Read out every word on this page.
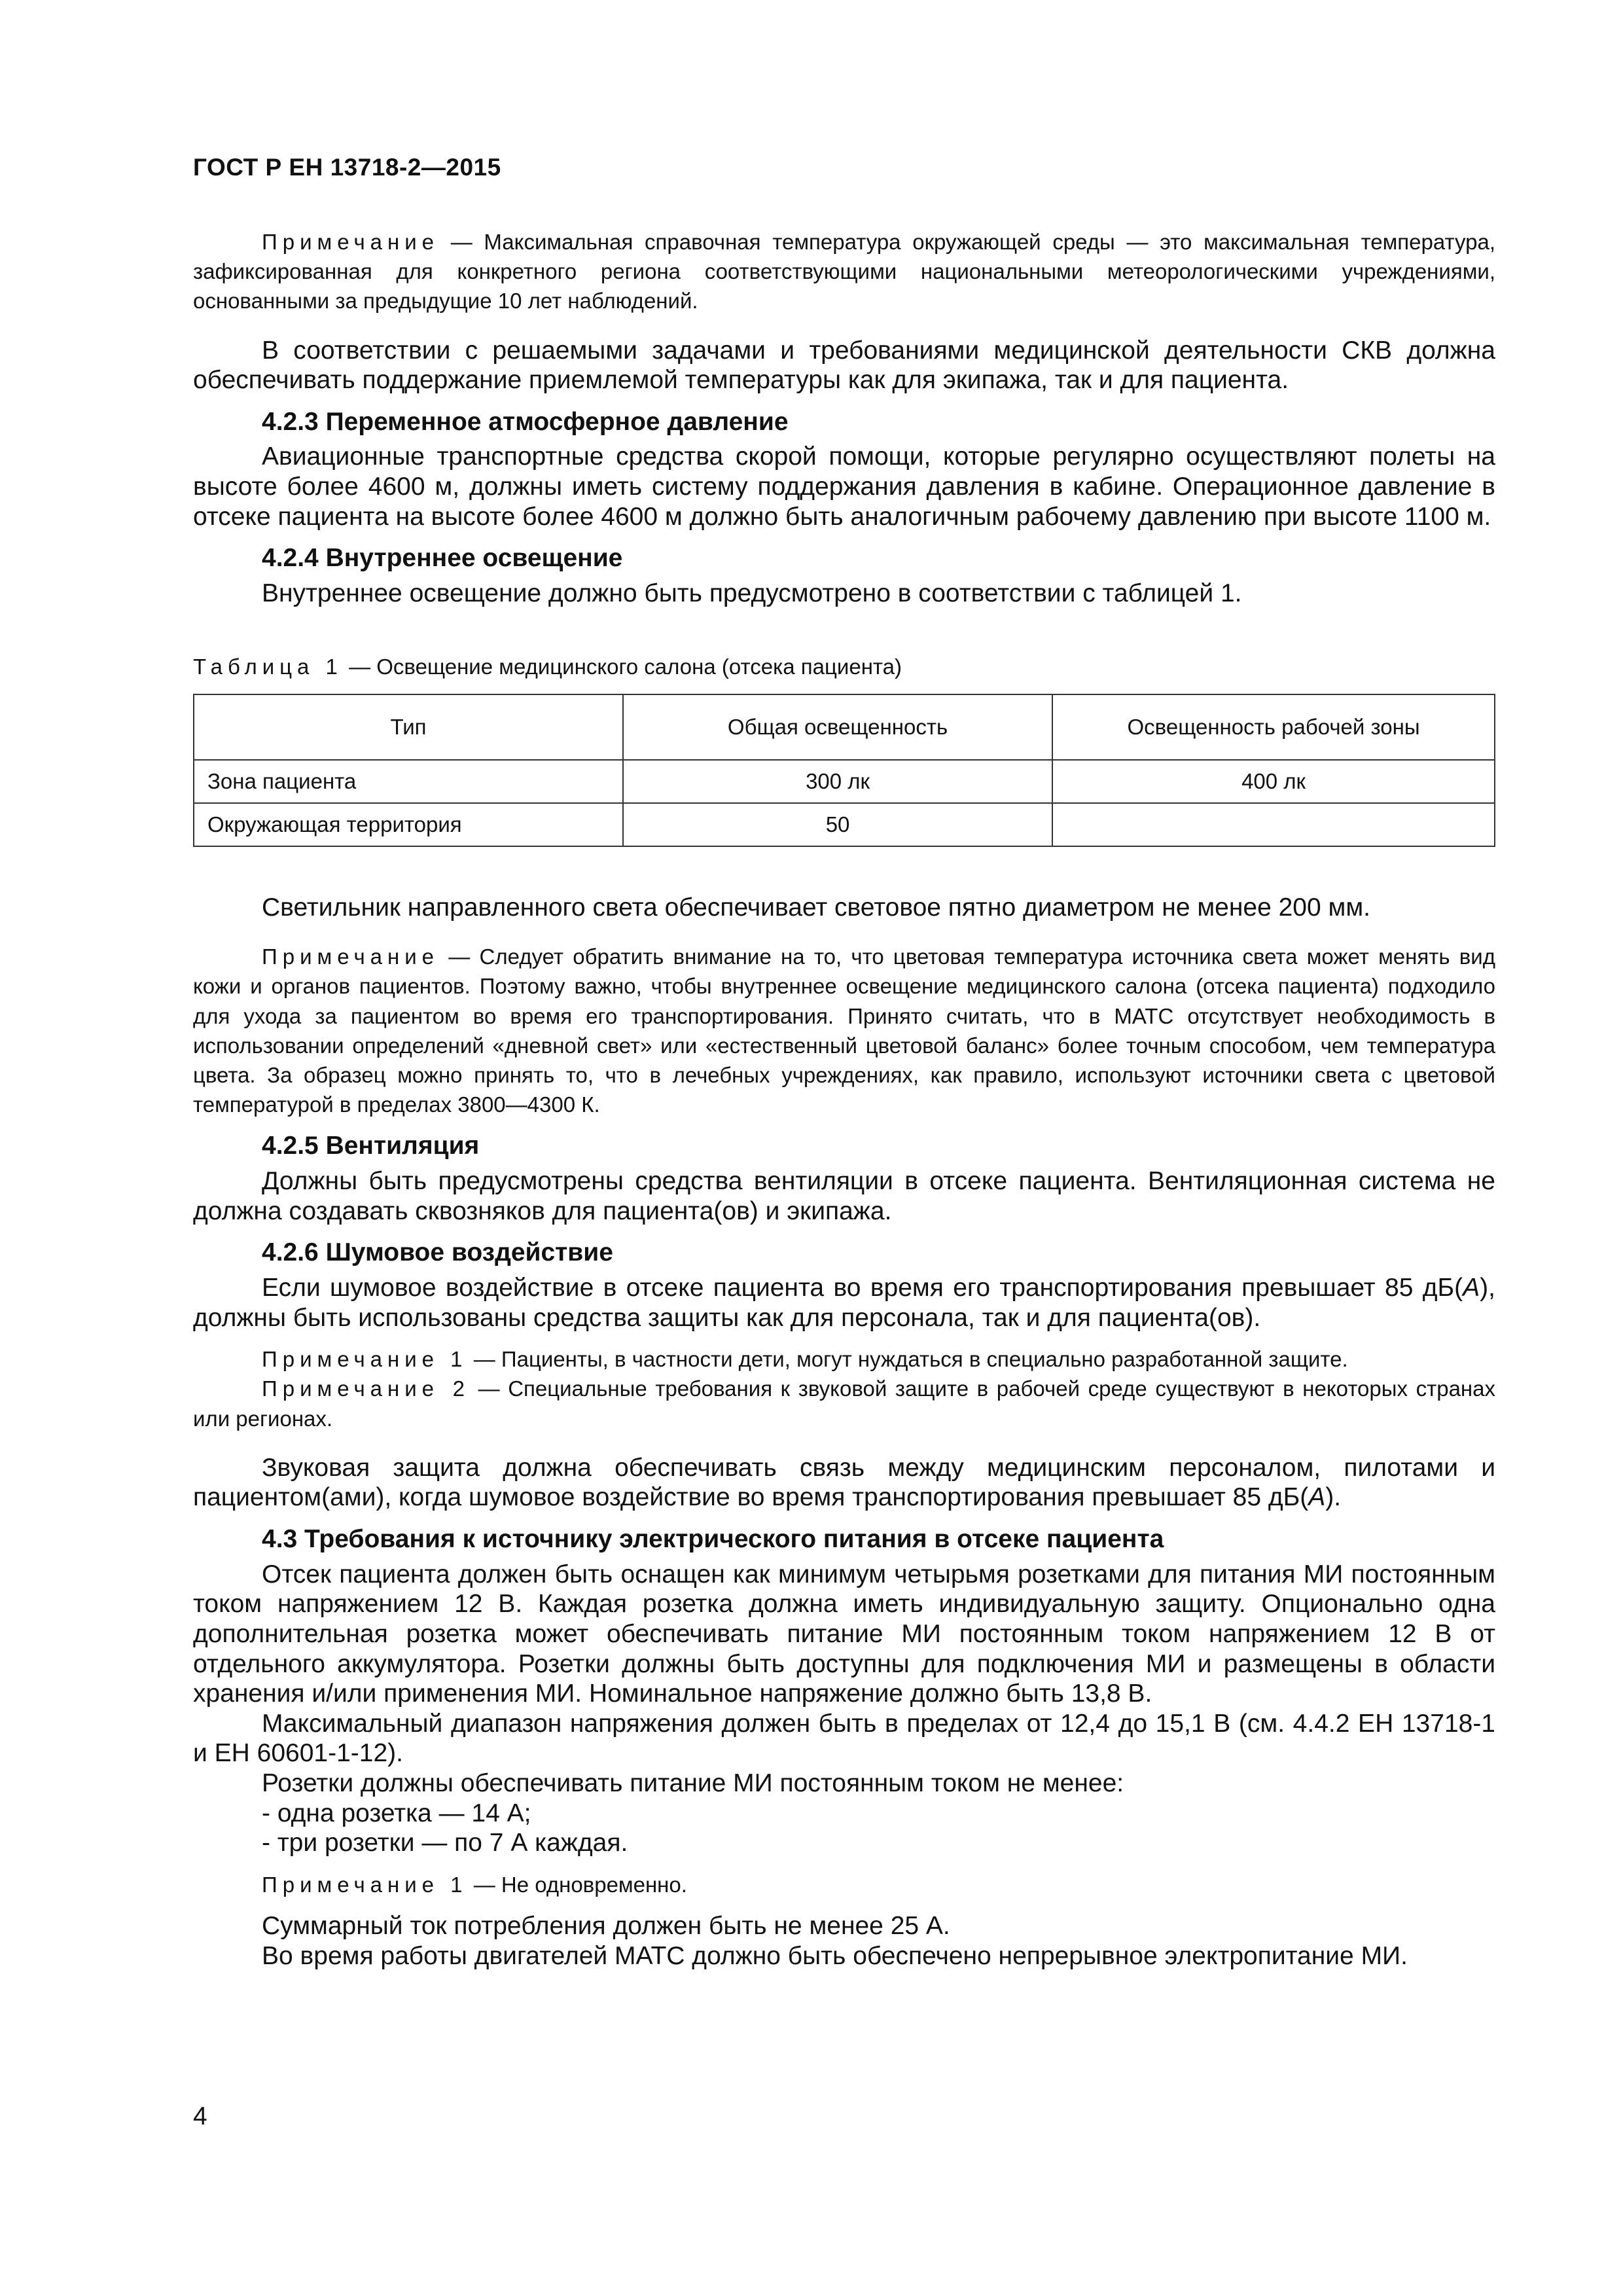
ГОСТ Р ЕН 13718-2—2015

Примечание — Максимальная справочная температура окружающей среды — это максимальная температура, зафиксированная для конкретного региона соответствующими национальными метеорологическими учреждениями, основанными за предыдущие 10 лет наблюдений.

В соответствии с решаемыми задачами и требованиями медицинской деятельности СКВ должна обеспечивать поддержание приемлемой температуры как для экипажа, так и для пациента.

4.2.3 Переменное атмосферное давление

Авиационные транспортные средства скорой помощи, которые регулярно осуществляют полеты на высоте более 4600 м, должны иметь систему поддержания давления в кабине. Операционное давление в отсеке пациента на высоте более 4600 м должно быть аналогичным рабочему давлению при высоте 1100 м.

4.2.4 Внутреннее освещение

Внутреннее освещение должно быть предусмотрено в соответствии с таблицей 1.

Таблица 1 — Освещение медицинского салона (отсека пациента)
Тип	Общая освещенность	Освещенность рабочей зоны
Зона пациента	300 лк	400 лк
Окружающая территория	50	

Светильник направленного света обеспечивает световое пятно диаметром не менее 200 мм.

Примечание — Следует обратить внимание на то, что цветовая температура источника света может менять вид кожи и органов пациентов. Поэтому важно, чтобы внутреннее освещение медицинского салона (отсека пациента) подходило для ухода за пациентом во время его транспортирования. Принято считать, что в МАТС отсутствует необходимость в использовании определений «дневной свет» или «естественный цветовой баланс» более точным способом, чем температура цвета. За образец можно принять то, что в лечебных учреждениях, как правило, используют источники света с цветовой температурой в пределах 3800—4300 К.

4.2.5 Вентиляция

Должны быть предусмотрены средства вентиляции в отсеке пациента. Вентиляционная система не должна создавать сквозняков для пациента(ов) и экипажа.

4.2.6 Шумовое воздействие

Если шумовое воздействие в отсеке пациента во время его транспортирования превышает 85 дБ(А), должны быть использованы средства защиты как для персонала, так и для пациента(ов).

Примечание 1 — Пациенты, в частности дети, могут нуждаться в специально разработанной защите.

Примечание 2 — Специальные требования к звуковой защите в рабочей среде существуют в некоторых странах или регионах.

Звуковая защита должна обеспечивать связь между медицинским персоналом, пилотами и пациентом(ами), когда шумовое воздействие во время транспортирования превышает 85 дБ(А).

4.3 Требования к источнику электрического питания в отсеке пациента

Отсек пациента должен быть оснащен как минимум четырьмя розетками для питания МИ постоянным током напряжением 12 В. Каждая розетка должна иметь индивидуальную защиту. Опционально одна дополнительная розетка может обеспечивать питание МИ постоянным током напряжением 12 В от отдельного аккумулятора. Розетки должны быть доступны для подключения МИ и размещены в области хранения и/или применения МИ. Номинальное напряжение должно быть 13,8 В.

Максимальный диапазон напряжения должен быть в пределах от 12,4 до 15,1 В (см. 4.4.2 ЕН 13718-1 и ЕН 60601-1-12).

Розетки должны обеспечивать питание МИ постоянным током не менее:

- одна розетка — 14 А;

- три розетки — по 7 А каждая.

Примечание 1 — Не одновременно.

Суммарный ток потребления должен быть не менее 25 А.

Во время работы двигателей МАТС должно быть обеспечено непрерывное электропитание МИ.

4
